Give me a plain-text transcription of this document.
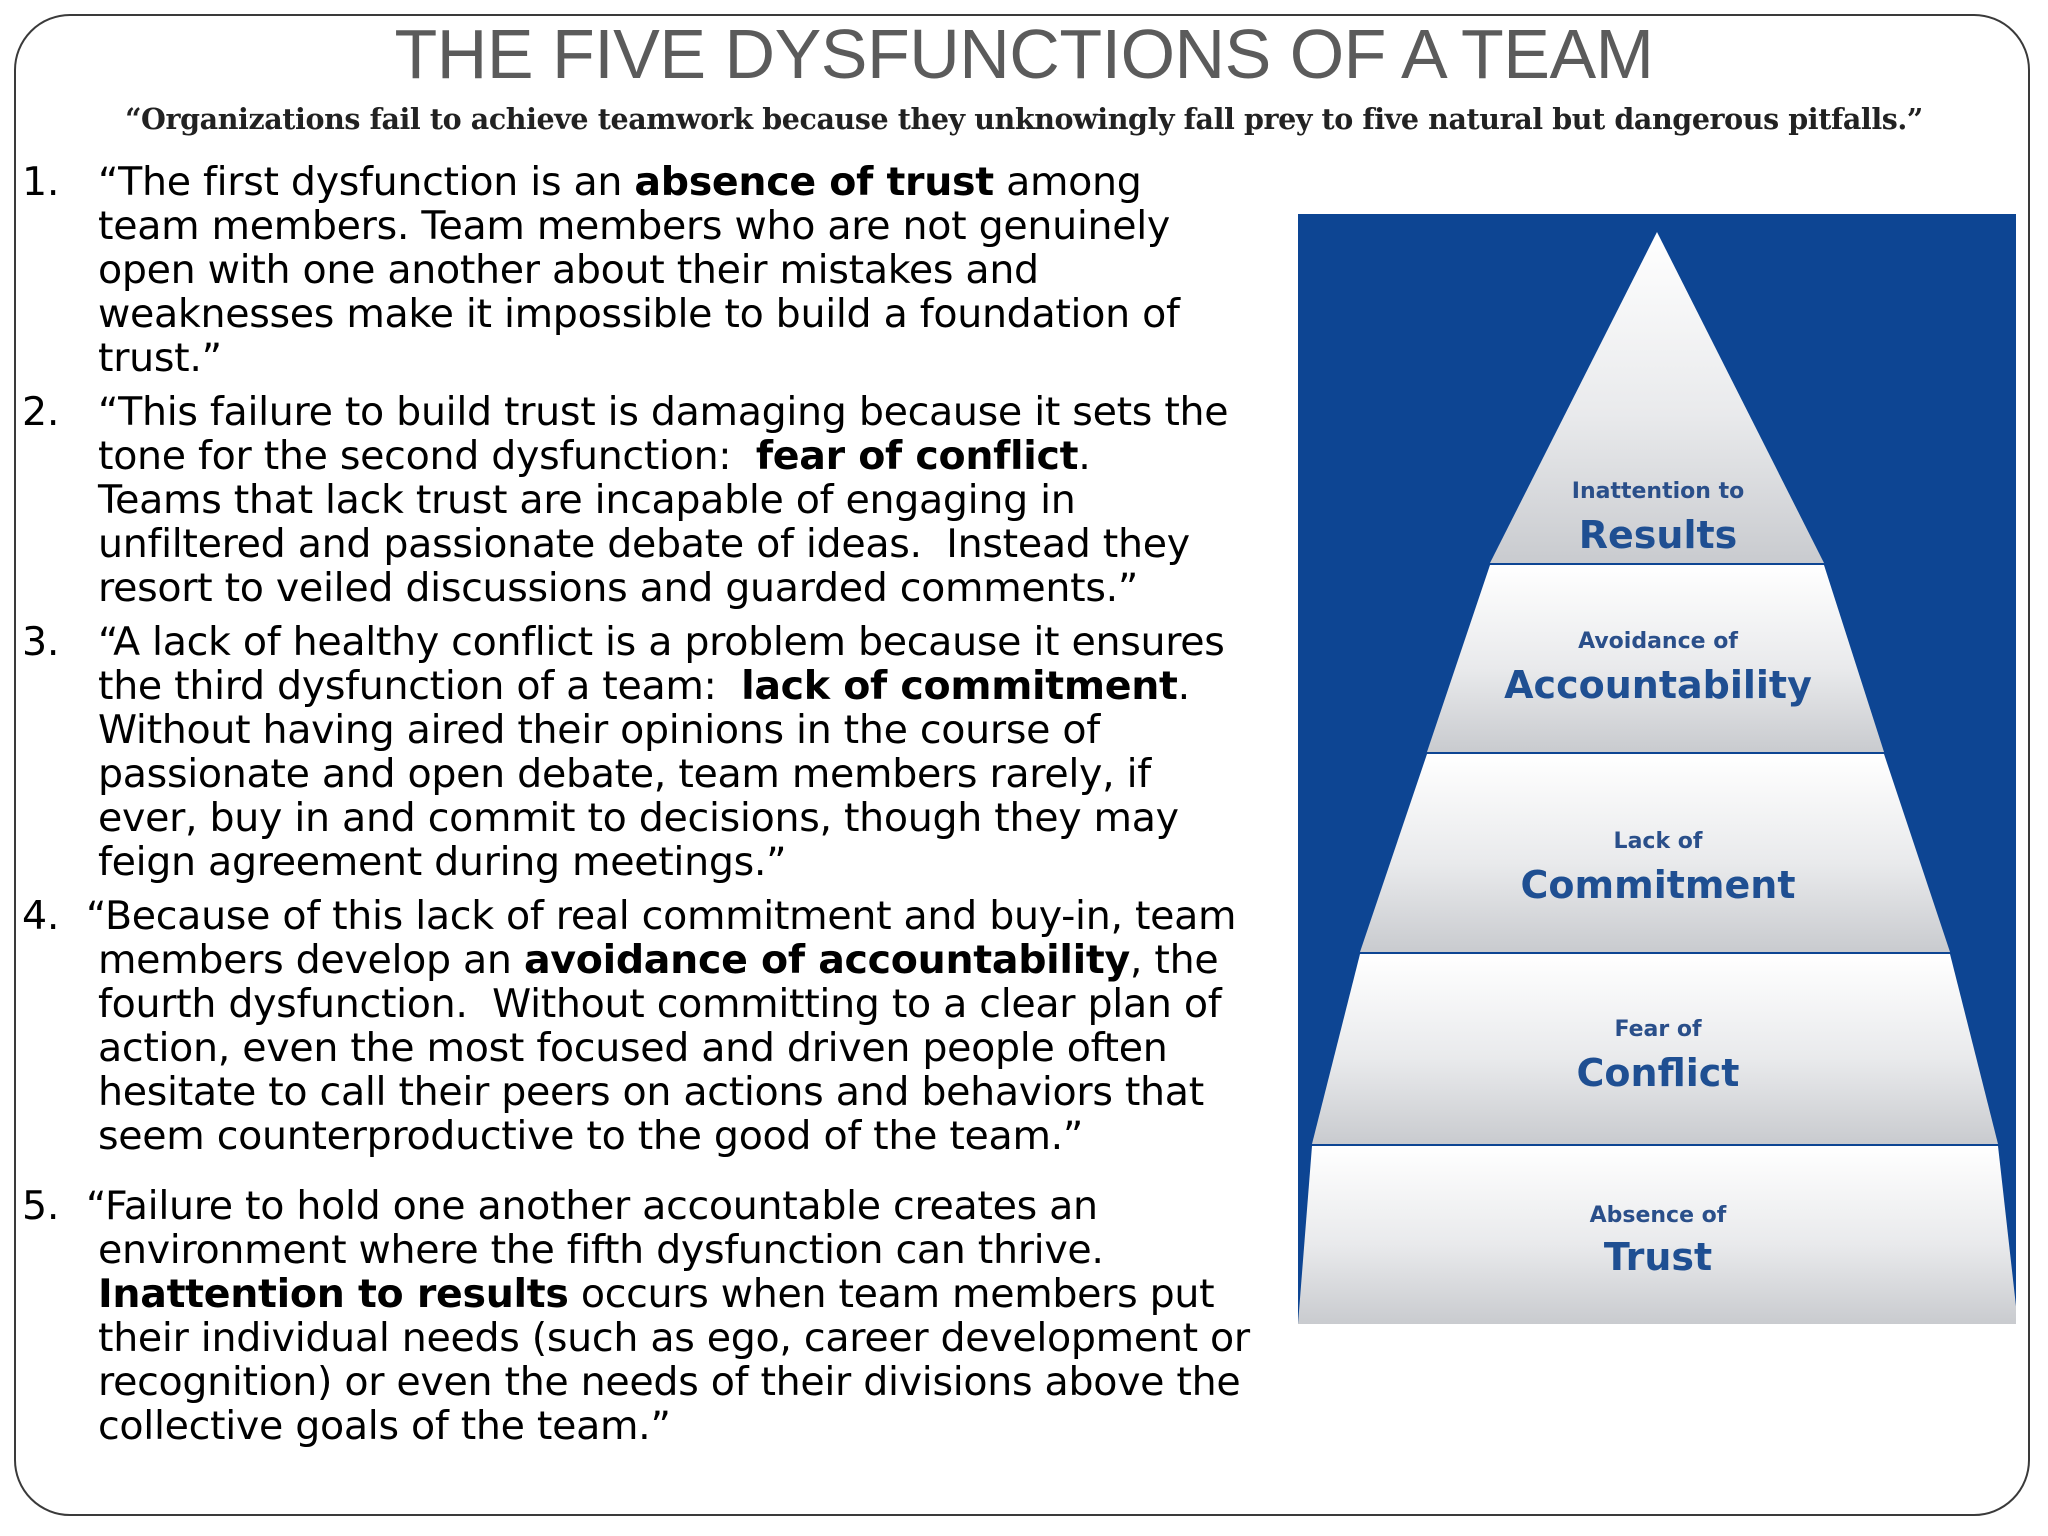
THE FIVE DYSFUNCTIONS OF A TEAM
“Organizations fail to achieve teamwork because they unknowingly fall prey to five natural but dangerous pitfalls.”
1. “The first dysfunction is an absence of trust among
team members. Team members who are not genuinely
open with one another about their mistakes and
weaknesses make it impossible to build a foundation of
trust.”
2. “This failure to build trust is damaging because it sets the
tone for the second dysfunction:  fear of conflict.
Teams that lack trust are incapable of engaging in
unfiltered and passionate debate of ideas.  Instead they
resort to veiled discussions and guarded comments.”
3. “A lack of healthy conflict is a problem because it ensures
the third dysfunction of a team:  lack of commitment.
Without having aired their opinions in the course of
passionate and open debate, team members rarely, if
ever, buy in and commit to decisions, though they may
feign agreement during meetings.”
4. “Because of this lack of real commitment and buy-in, team
members develop an avoidance of accountability, the
fourth dysfunction.  Without committing to a clear plan of
action, even the most focused and driven people often
hesitate to call their peers on actions and behaviors that
seem counterproductive to the good of the team.”
5. “Failure to hold one another accountable creates an
environment where the fifth dysfunction can thrive.
Inattention to results occurs when team members put
their individual needs (such as ego, career development or
recognition) or even the needs of their divisions above the
collective goals of the team.”
Inattention to
Results
Avoidance of
Accountability
Lack of
Commitment
Fear of
Conflict
Absence of
Trust
